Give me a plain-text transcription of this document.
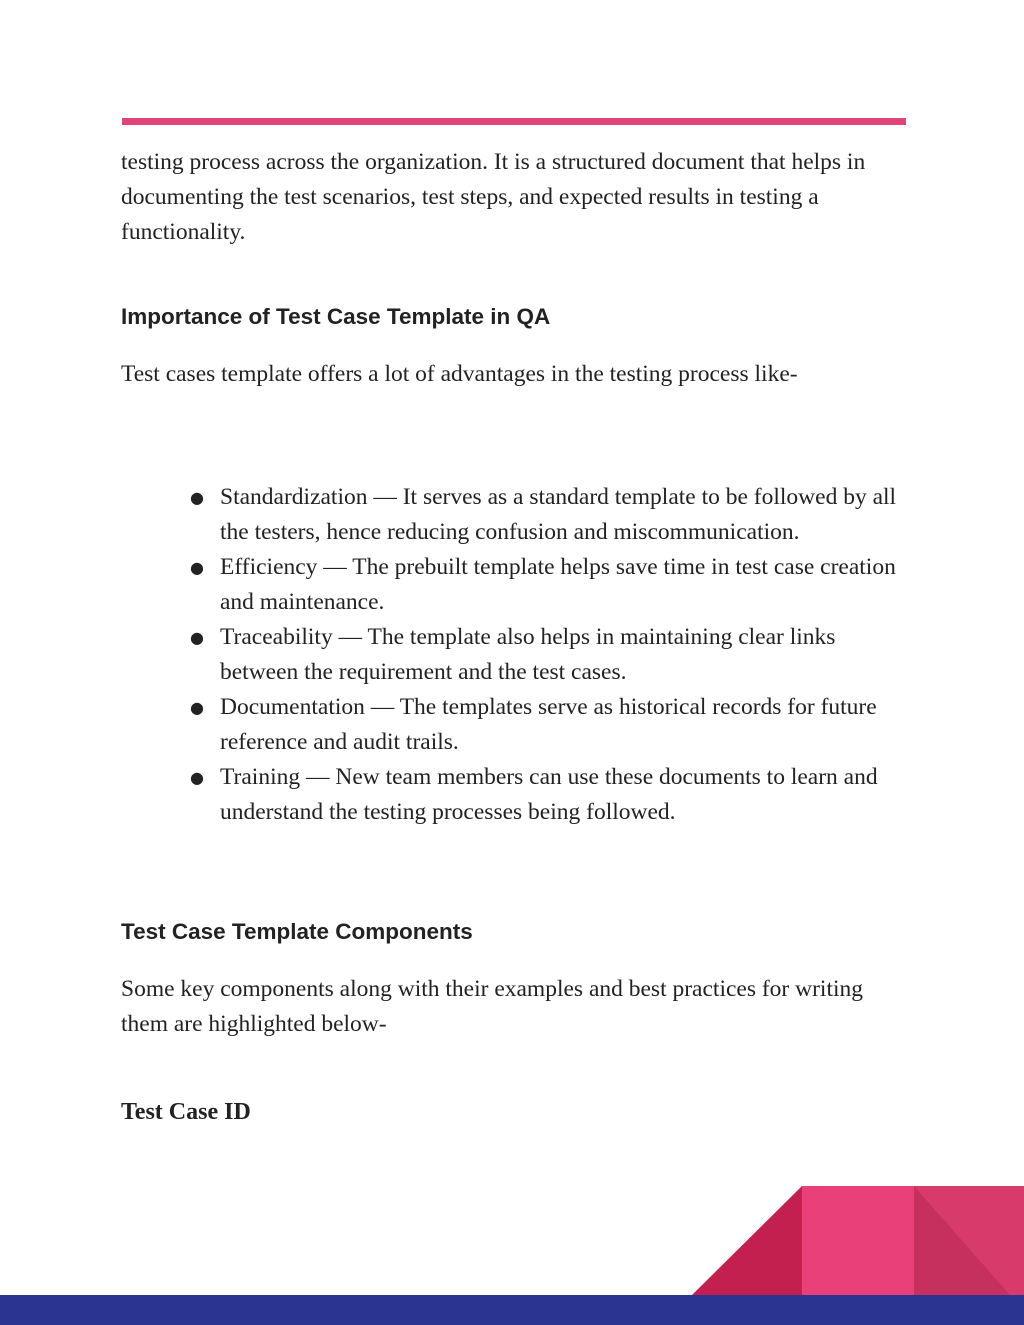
testing process across the organization. It is a structured document that helps in documenting the test scenarios, test steps, and expected results in testing a functionality.

Importance of Test Case Template in QA

Test cases template offers a lot of advantages in the testing process like-

● Standardization — It serves as a standard template to be followed by all the testers, hence reducing confusion and miscommunication.
● Efficiency — The prebuilt template helps save time in test case creation and maintenance.
● Traceability — The template also helps in maintaining clear links between the requirement and the test cases.
● Documentation — The templates serve as historical records for future reference and audit trails.
● Training — New team members can use these documents to learn and understand the testing processes being followed.
Test Case Template Components

Some key components along with their examples and best practices for writing them are highlighted below-

Test Case ID
